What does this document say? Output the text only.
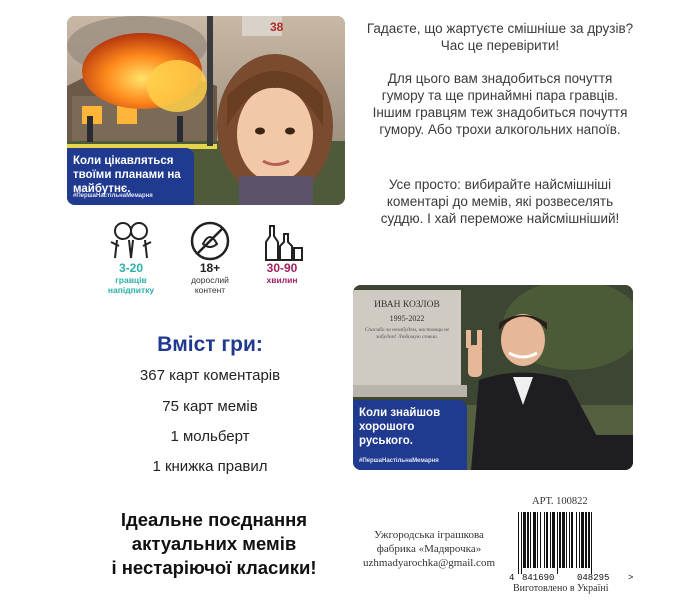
38
Коли цікавляться твоїми планами на майбутнє.
#ПершаНастільнаМемарня
Гадаєте, що жартуєте смішніше за друзів? Час це перевірити!
Для цього вам знадобиться почуття гумору та ще принаймні пара гравців. Іншим гравцям теж знадобиться почуття гумору. Або трохи алкогольних напоїв.
Усе просто: вибирайте найсмішніші коментарі до мемів, які розвеселять суддю. І хай переможе найсмішніший!
3-20
гравців напідпитку
18+
дорослий контент
30-90
хвилин
ИВАН КОЗЛОВ
1995-2022
Спасибо за незабудем, настоящи не забудем! Любимую семью.
Коли знайшов хорошого руського.
#ПершаНастільнаМемарня
Вміст гри:
367 карт коментарів
75 карт мемів
1 мольберт
1 книжка правил
Ідеальне поєднання
актуальних мемів
і нестаріючої класики!
Ужгородська іграшкова
фабрика «Мадярочка»
uzhmadyarochka@gmail.com
АРТ. 100822
4 841690	048295 >
Виготовлено в Україні
